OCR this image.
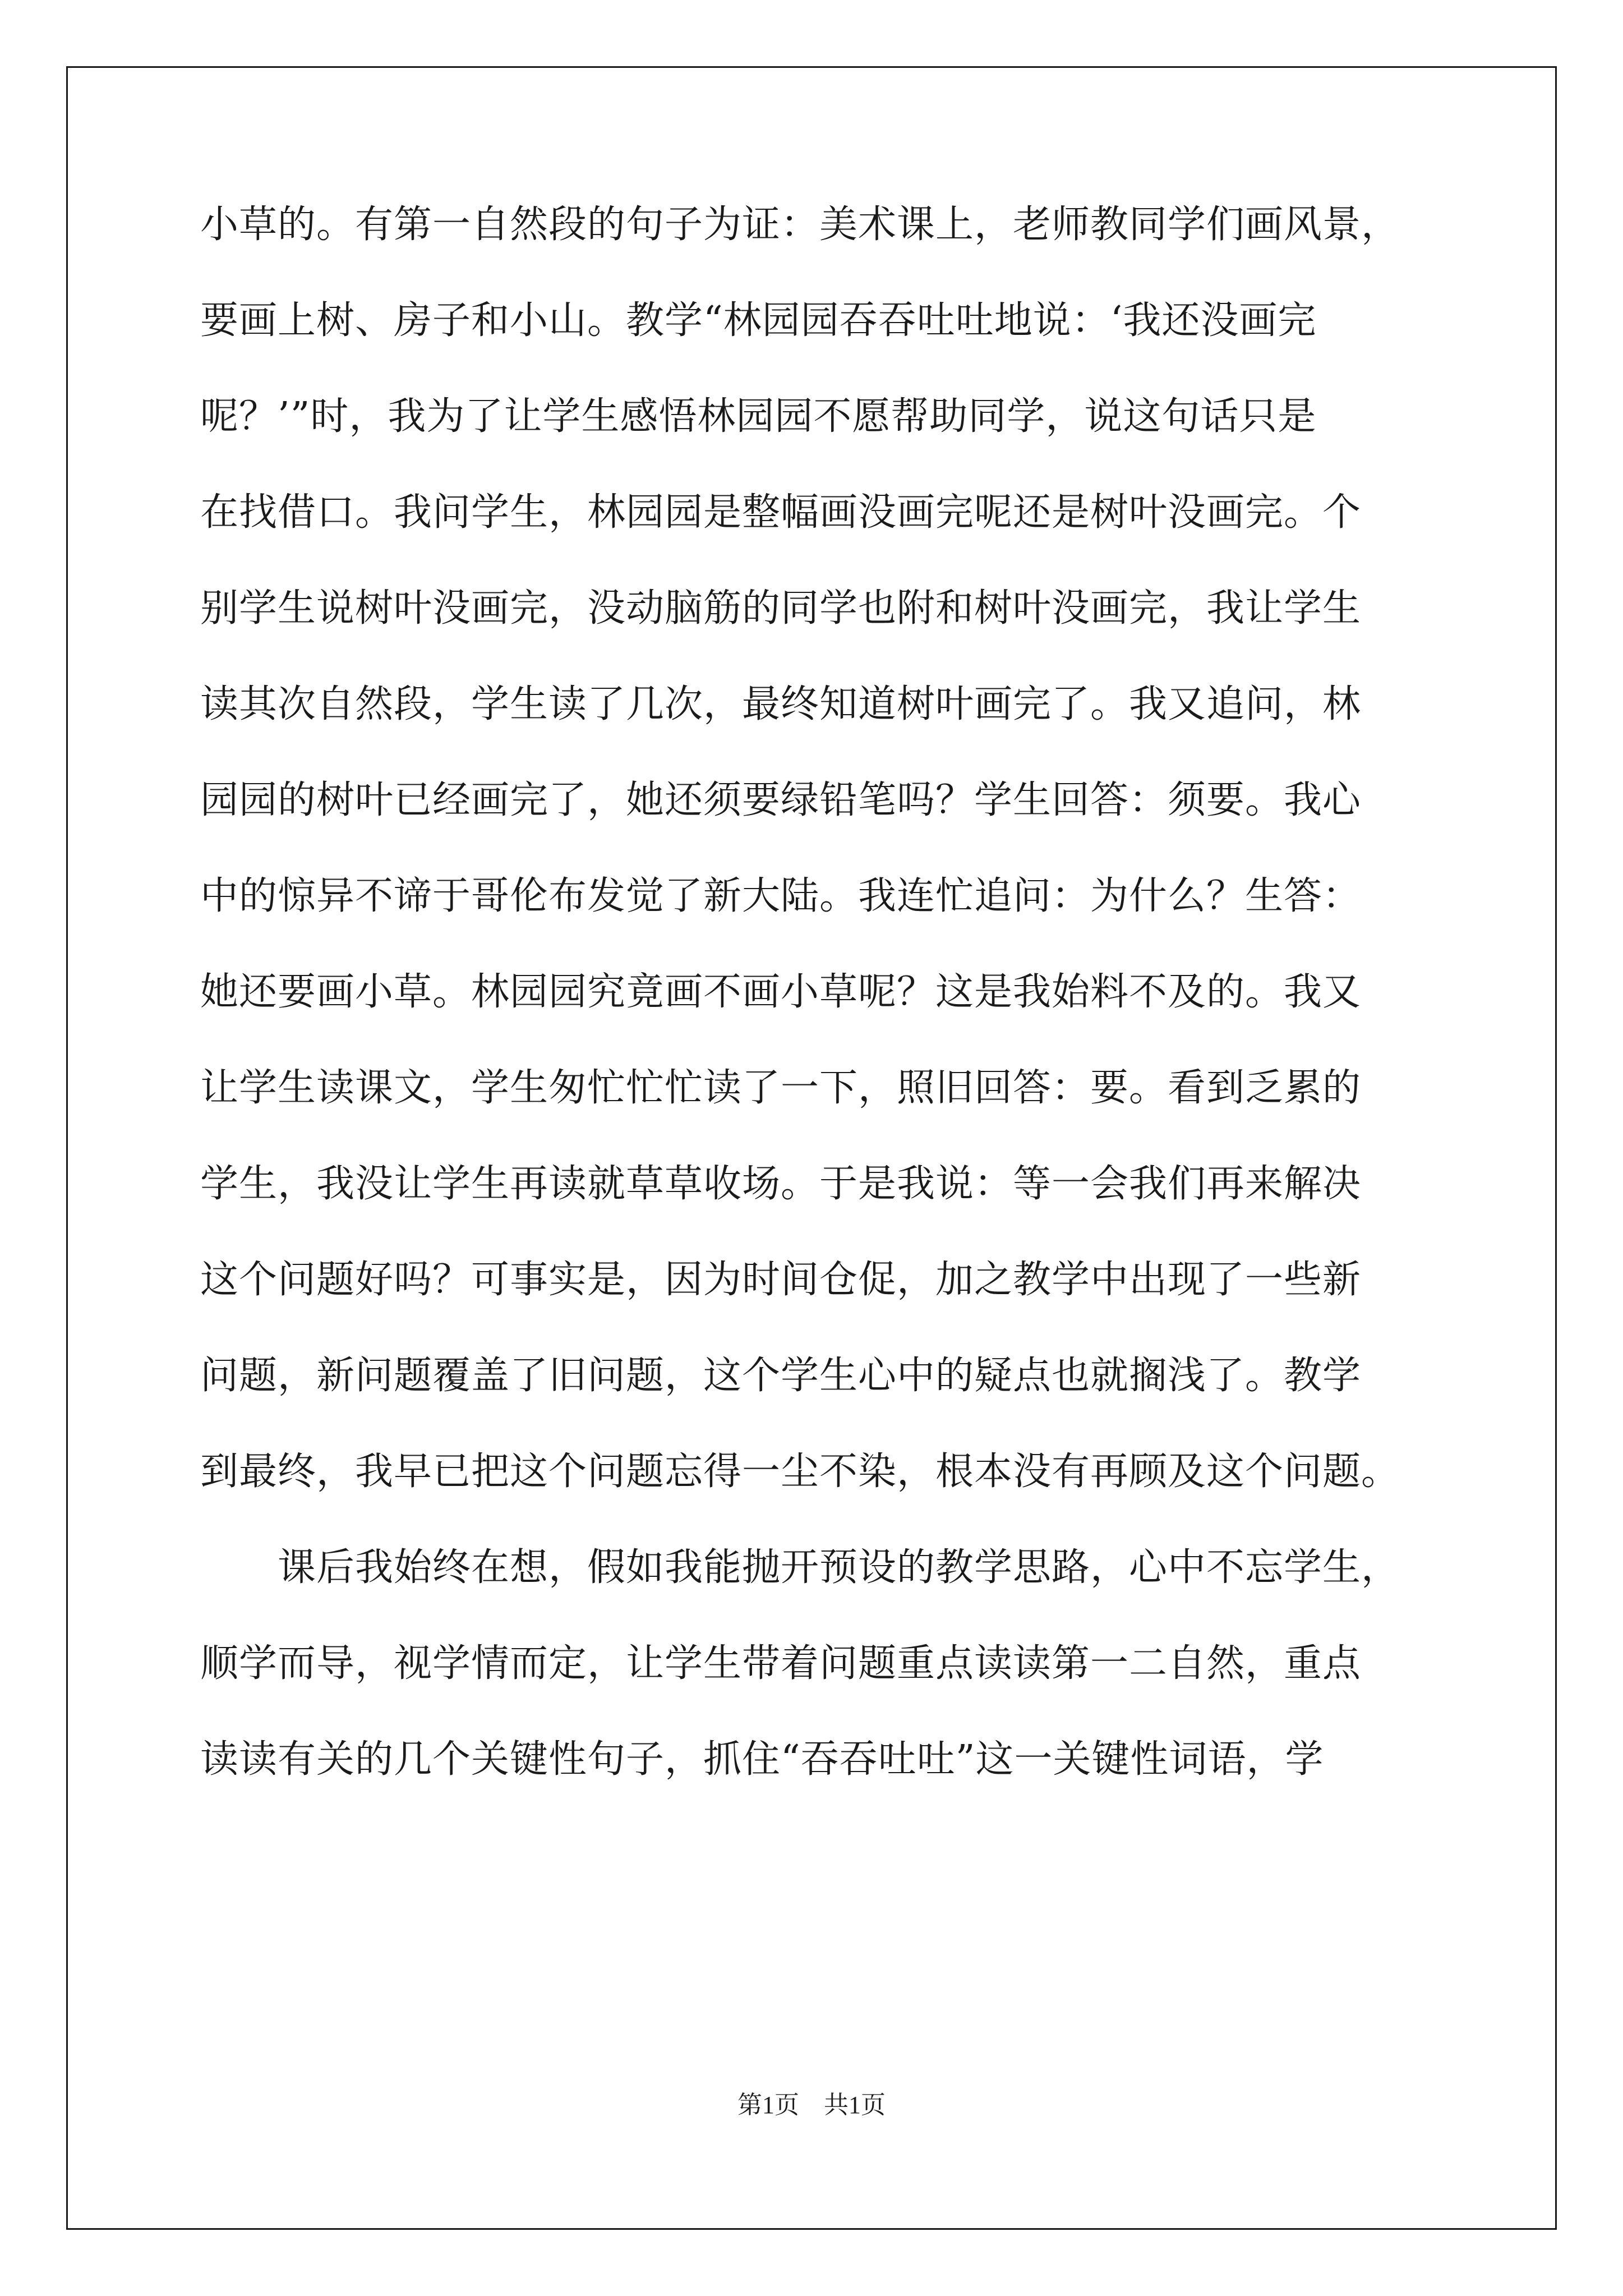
小草的。有第一自然段的句子为证：美术课上，老师教同学们画风景，
要画上树、房子和小山。教学“林园园吞吞吐吐地说：‘我还没画完
呢？’”时，我为了让学生感悟林园园不愿帮助同学，说这句话只是
在找借口。我问学生，林园园是整幅画没画完呢还是树叶没画完。个
别学生说树叶没画完，没动脑筋的同学也附和树叶没画完，我让学生
读其次自然段，学生读了几次，最终知道树叶画完了。我又追问，林
园园的树叶已经画完了，她还须要绿铅笔吗？学生回答：须要。我心
中的惊异不谛于哥伦布发觉了新大陆。我连忙追问：为什么？生答：
她还要画小草。林园园究竟画不画小草呢？这是我始料不及的。我又
让学生读课文，学生匆忙忙忙读了一下，照旧回答：要。看到乏累的
学生，我没让学生再读就草草收场。于是我说：等一会我们再来解决
这个问题好吗？可事实是，因为时间仓促，加之教学中出现了一些新
问题，新问题覆盖了旧问题，这个学生心中的疑点也就搁浅了。教学
到最终，我早已把这个问题忘得一尘不染，根本没有再顾及这个问题。
　　课后我始终在想，假如我能抛开预设的教学思路，心中不忘学生，
顺学而导，视学情而定，让学生带着问题重点读读第一二自然，重点
读读有关的几个关键性句子，抓住“吞吞吐吐”这一关键性词语，学
第1页　共1页
